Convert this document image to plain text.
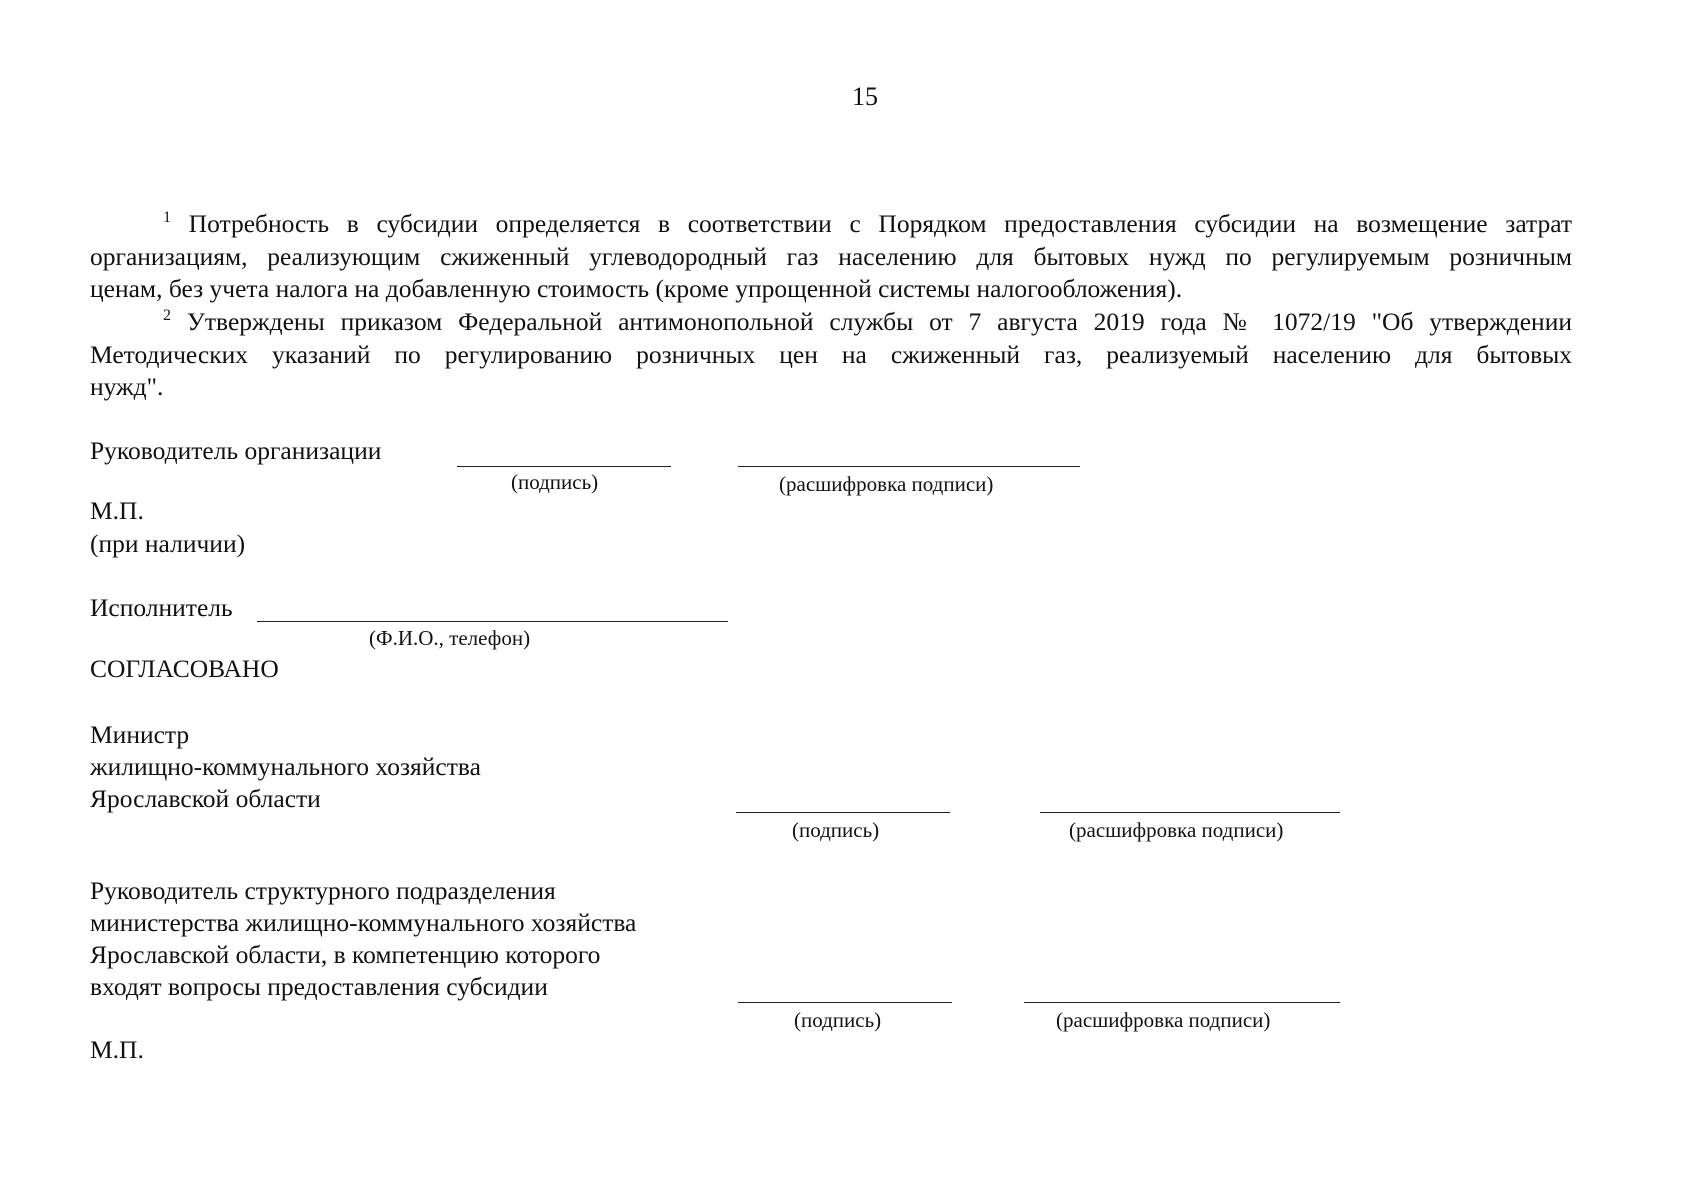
15
$^1$ Потребность в субсидии определяется в соответствии с Порядком предоставления субсидии на возмещение затрат
организациям, реализующим сжиженный углеводородный газ населению для бытовых нужд по регулируемым розничным
ценам, без учета налога на добавленную стоимость (кроме упрощенной системы налогообложения).
$^2$ Утверждены приказом Федеральной антимонопольной службы от 7 августа 2019 года № 1072/19 "Об утверждении
Методических указаний по регулированию розничных цен на сжиженный газ, реализуемый населению для бытовых
нужд".
Руководитель организации
(подпись)	(расшифровка подписи)
М.П.
(при наличии)
Исполнитель
(Ф.И.О., телефон)
СОГЛАСОВАНО
Министр
жилищно-коммунального хозяйства
Ярославской области
(подпись)	(расшифровка подписи)
Руководитель структурного подразделения
министерства жилищно-коммунального хозяйства
Ярославской области, в компетенцию которого
входят вопросы предоставления субсидии
(подпись)	(расшифровка подписи)
М.П.
